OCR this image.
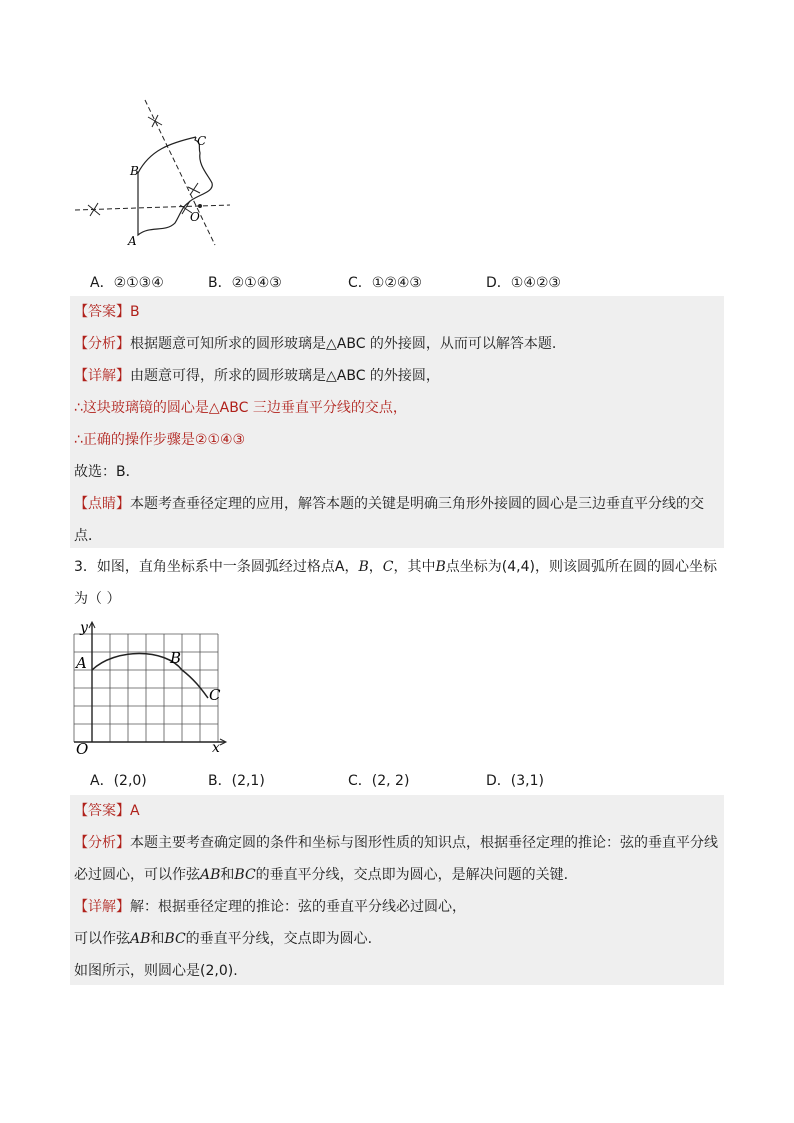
B
C
A
O
A．②①③④	B．②①④③	C．①②④③	D．①④②③
【答案】B
【分析】根据题意可知所求的圆形玻璃是△ABC 的外接圆，从而可以解答本题.
【详解】由题意可得，所求的圆形玻璃是△ABC 的外接圆，
∴这块玻璃镜的圆心是△ABC 三边垂直平分线的交点，
∴正确的操作步骤是②①④③
故选：B．
【点睛】本题考查垂径定理的应用，解答本题的关键是明确三角形外接圆的圆心是三边垂直平分线的交
点．
3．如图，直角坐标系中一条圆弧经过格点A，B，C，其中B点坐标为(4,4)，则该圆弧所在圆的圆心坐标
为（ ）
y
x
O
A	B
C
A．(2,0)	B．(2,1)	C．(2, 2)	D．(3,1)
【答案】A
【分析】本题主要考查确定圆的条件和坐标与图形性质的知识点，根据垂径定理的推论：弦的垂直平分线
必过圆心，可以作弦AB和BC的垂直平分线，交点即为圆心，是解决问题的关键.
【详解】解：根据垂径定理的推论：弦的垂直平分线必过圆心，
可以作弦AB和BC的垂直平分线，交点即为圆心.
如图所示，则圆心是(2,0).
